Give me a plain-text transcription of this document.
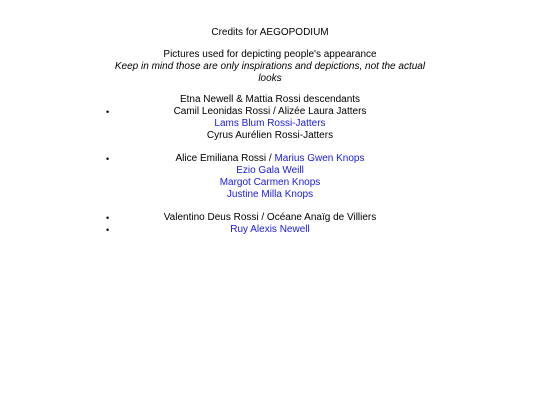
Credits for AEGOPODIUM
Pictures used for depicting people's appearance
Keep in mind those are only inspirations and depictions, not the actual
looks
Etna Newell & Mattia Rossi descendants
•	Camil Leonidas Rossi / Alizée Laura Jatters
Lams Blum Rossi-Jatters
Cyrus Aurélien Rossi-Jatters
•	Alice Emiliana Rossi / Marius Gwen Knops
Ezio Gala Weill
Margot Carmen Knops
Justine Milla Knops
•	Valentino Deus Rossi / Océane Anaïg de Villiers
•	Ruy Alexis Newell
